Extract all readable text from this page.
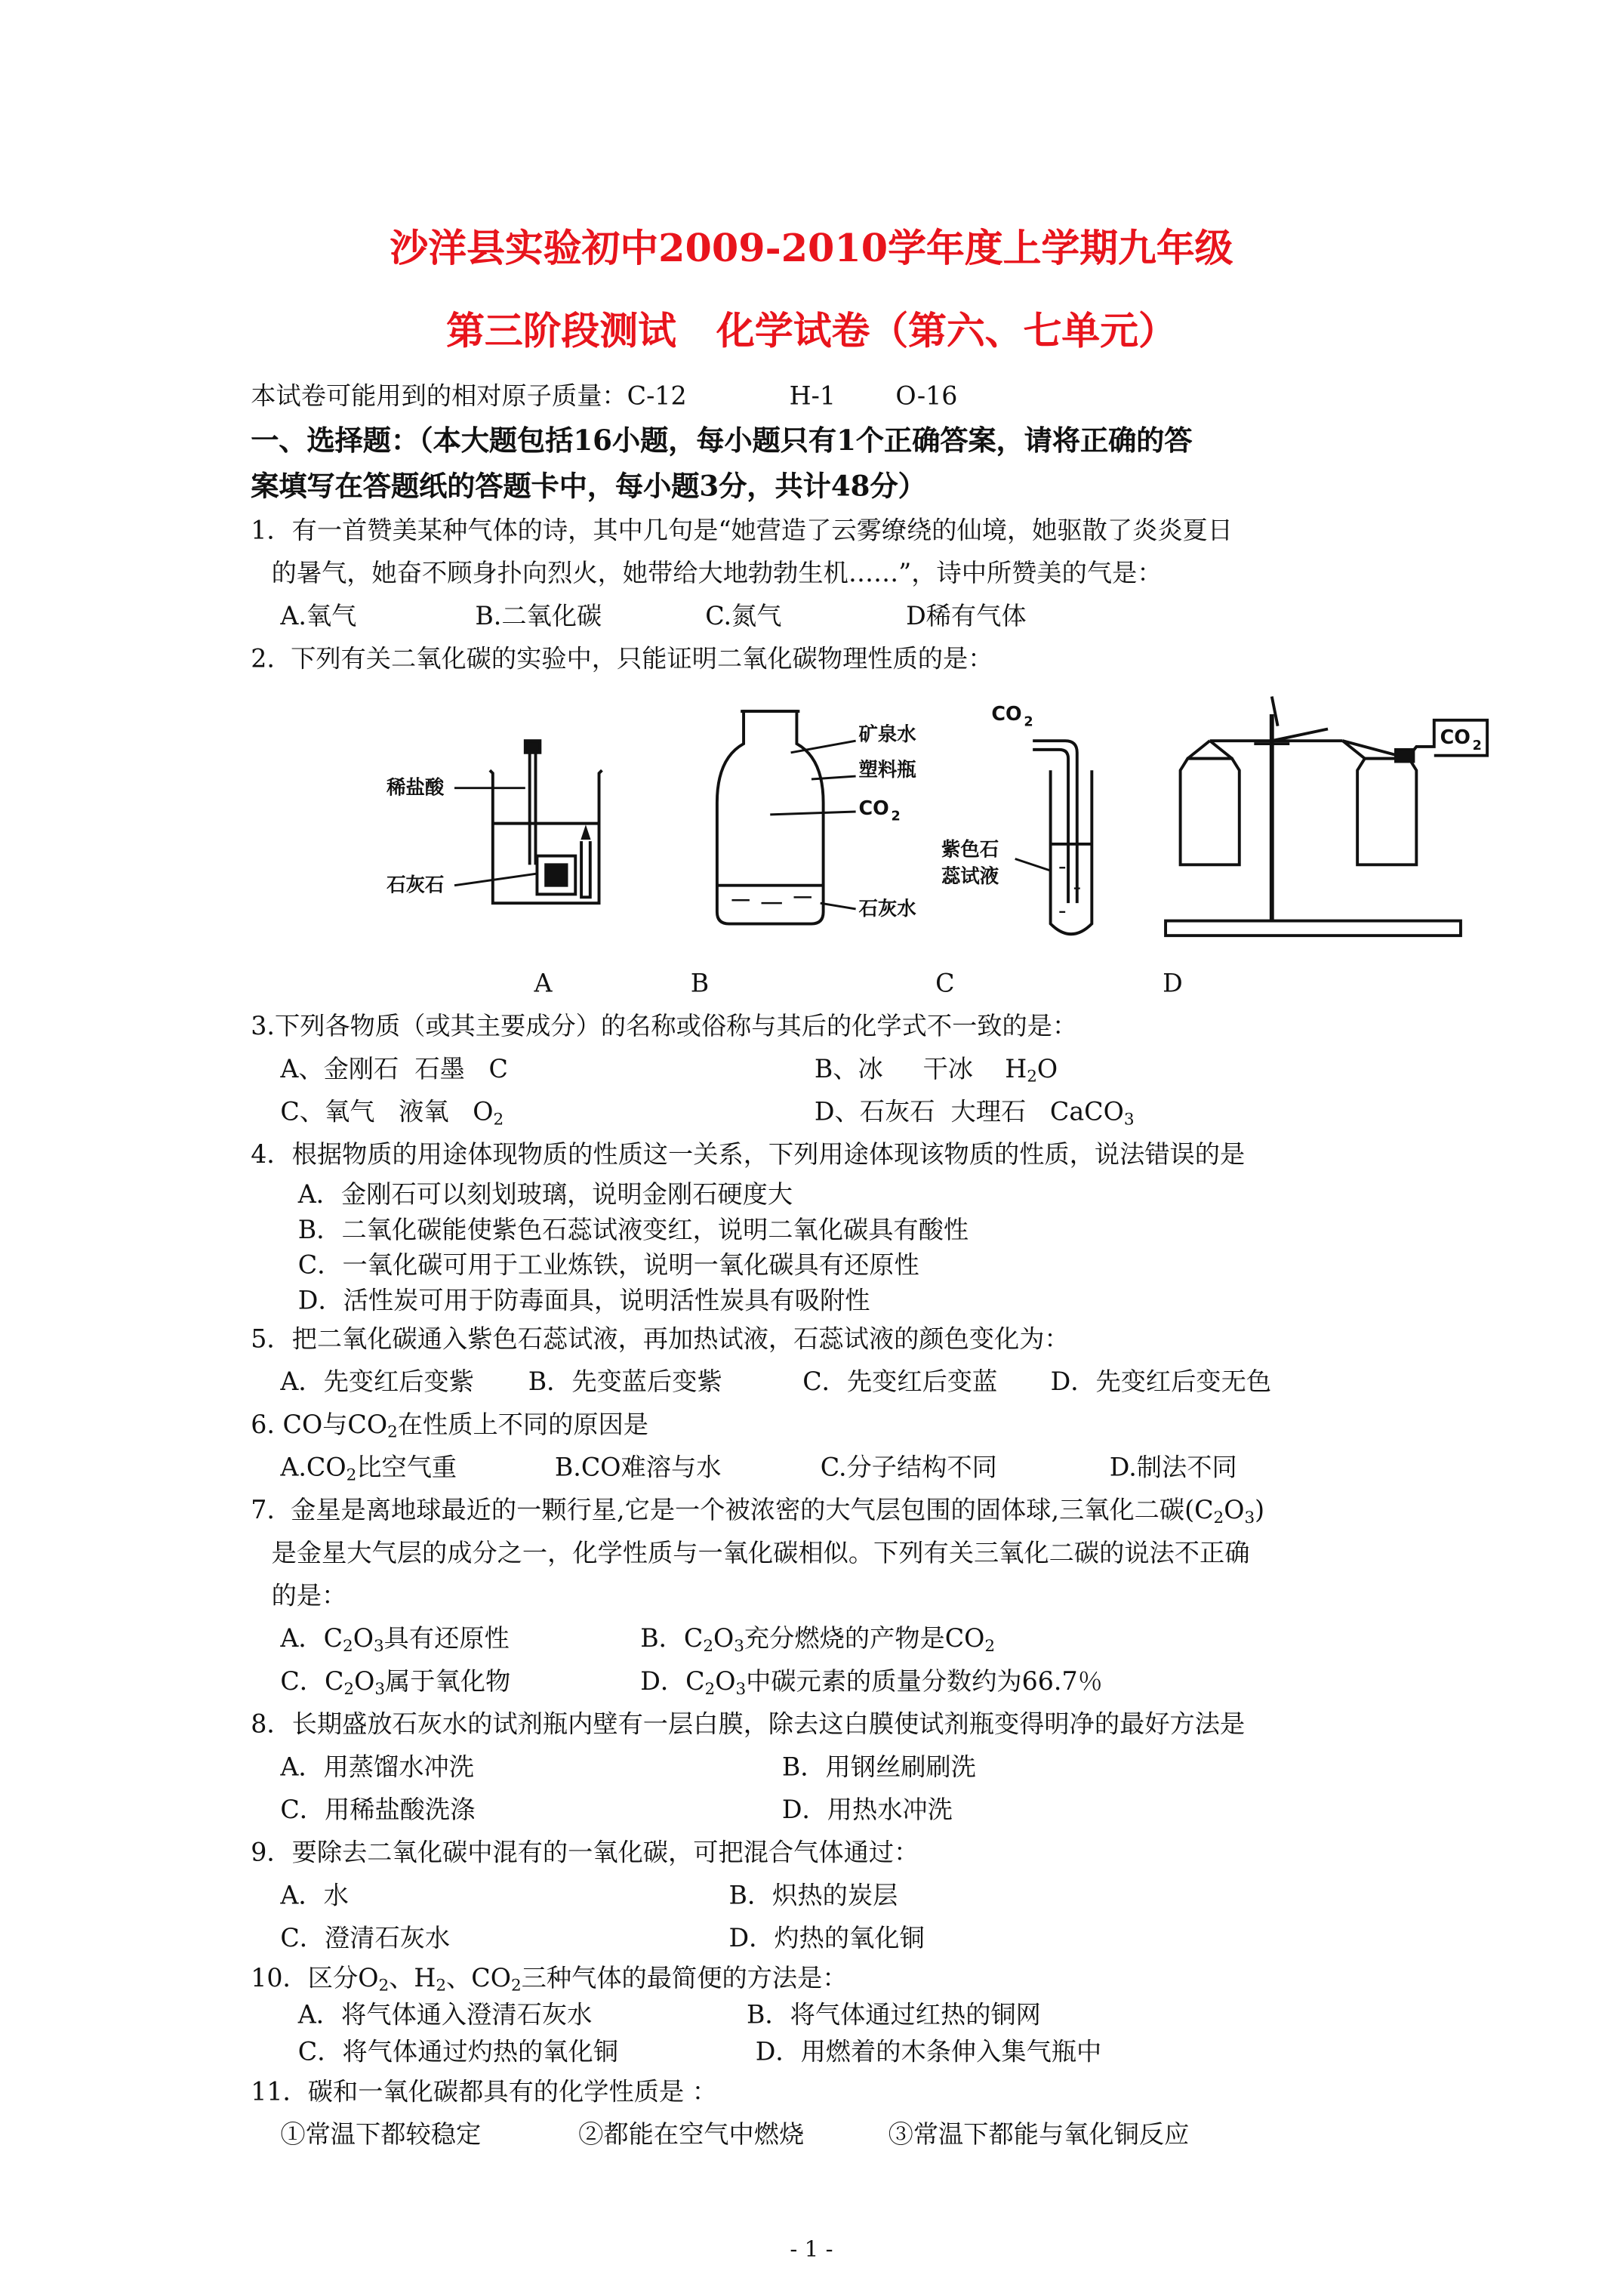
沙洋县实验初中2009-2010学年度上学期九年级
第三阶段测试   化学试卷（第六、七单元）
本试卷可能用到的相对原子质量： C-12	H-1	O-16
一、选择题：（本大题包括16小题，每小题只有1个正确答案，请将正确的答
案填写在答题纸的答题卡中，每小题3分，共计48分）
1．有一首赞美某种气体的诗，其中几句是“她营造了云雾缭绕的仙境，她驱散了炎炎夏日
的暑气，她奋不顾身扑向烈火，她带给大地勃勃生机……”，诗中所赞美的气是：
A.氧气	B.二氧化碳	C.氮气	D稀有气体
2.  下列有关二氧化碳的实验中，只能证明二氧化碳物理性质的是：
稀盐酸
石灰石
矿泉水
塑料瓶
CO 2
石灰水
CO 2
紫色石
蕊试液
CO 2
A	B	C	D
3.下列各物质（或其主要成分）的名称或俗称与其后的化学式不一致的是：
A、金刚石  石墨   C	B、冰     干冰    $H_2O$
C、氧气   液氧   $O_2$	D、石灰石  大理石   CaCO$_3$
4．根据物质的用途体现物质的性质这一关系，下列用途体现该物质的性质，说法错误的是
A．金刚石可以刻划玻璃，说明金刚石硬度大
B．二氧化碳能使紫色石蕊试液变红，说明二氧化碳具有酸性
C．一氧化碳可用于工业炼铁，说明一氧化碳具有还原性
D．活性炭可用于防毒面具，说明活性炭具有吸附性
5．把二氧化碳通入紫色石蕊试液，再加热试液，石蕊试液的颜色变化为：
A．先变红后变紫	B．先变蓝后变紫	C．先变红后变蓝	D．先变红后变无色
6. CO与$CO_2$在性质上不同的原因是
$A.CO_2$比空气重	B.CO难溶与水	C.分子结构不同	D.制法不同
7.  金星是离地球最近的一颗行星,它是一个被浓密的大气层包围的固体球,三氧化二碳$(C_2O_3)$
是金星大气层的成分之一，化学性质与一氧化碳相似。下列有关三氧化二碳的说法不正确
的是：
A．$C_2O_3$具有还原性	B．$C_2O_3$充分燃烧的产物是$CO_2$
C．$C_2O_3$属于氧化物	D．$C_2O_3$中碳元素的质量分数约为66.7％
8．长期盛放石灰水的试剂瓶内壁有一层白膜，除去这白膜使试剂瓶变得明净的最好方法是
A．用蒸馏水冲洗	B．用钢丝刷刷洗
C．用稀盐酸洗涤	D．用热水冲洗
9．要除去二氧化碳中混有的一氧化碳，可把混合气体通过：
A．水	B．炽热的炭层
C．澄清石灰水	D．灼热的氧化铜
10．区分$O_2$、$H_2$、$CO_2$三种气体的最简便的方法是：
A．将气体通入澄清石灰水	B．将气体通过红热的铜网
C．将气体通过灼热的氧化铜	D．用燃着的木条伸入集气瓶中
11．碳和一氧化碳都具有的化学性质是 ：
①常温下都较稳定	②都能在空气中燃烧	③常温下都能与氧化铜反应
- 1 -
